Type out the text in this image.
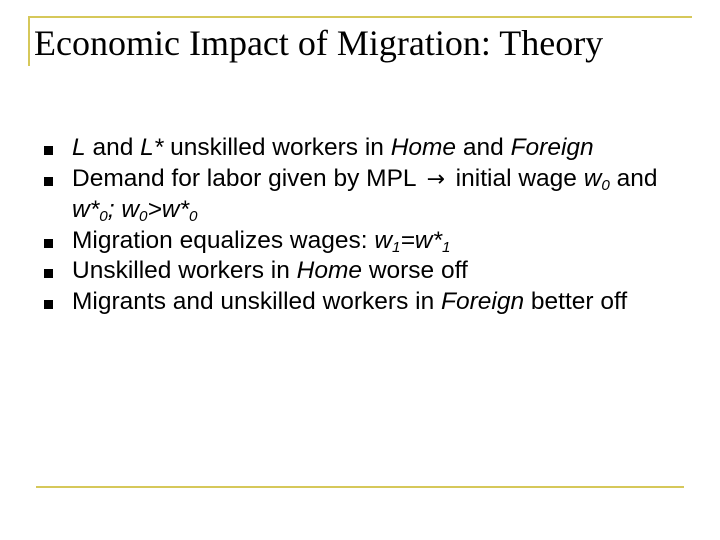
Economic Impact of Migration: Theory
L and L* unskilled workers in Home and Foreign
Demand for labor given by MPL → initial wage $w_0$ and $w*_0$; $w_0>w*_0$
Migration equalizes wages: $w_1=w*_1$
Unskilled workers in Home worse off
Migrants and unskilled workers in Foreign better off
